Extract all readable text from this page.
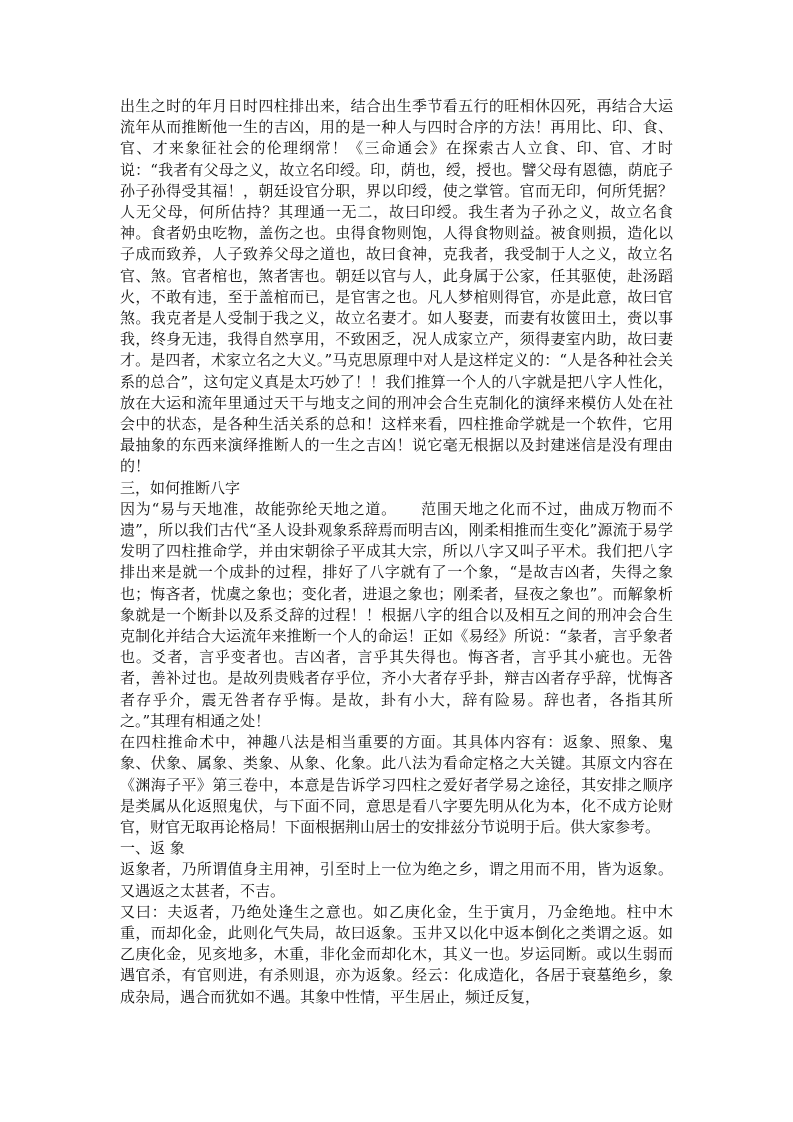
出生之时的年月日时四柱排出来，结合出生季节看五行的旺相休囚死，再结合大运流年从而推断他一生的吉凶，用的是一种人与四时合序的方法！再用比、印、食、官、才来象征社会的伦理纲常！《三命通会》在探索古人立食、印、官、才时说：“我者有父母之义，故立名印绶。印，荫也，绶，授也。譬父母有恩德，荫庇子孙子孙得受其福！，朝廷设官分职，界以印绶，使之掌管。官而无印，何所凭据？人无父母，何所估持？其理通一无二，故曰印绶。我生者为子孙之义，故立名食神。食者奶虫吃物，盖伤之也。虫得食物则饱，人得食物则益。被食则损，造化以子成而致养，人子致养父母之道也，故曰食神，克我者，我受制于人之义，故立名官、煞。官者棺也，煞者害也。朝廷以官与人，此身属于公家，任其驱使，赴汤蹈火，不敢有违，至于盖棺而已，是官害之也。凡人梦棺则得官，亦是此意，故曰官煞。我克者是人受制于我之义，故立名妻才。如人娶妻，而妻有妆篋田土，赍以事我，终身无违，我得自然享用，不致困乏，况人成家立产，须得妻室内助，故曰妻才。是四者，术家立名之大义。”马克思原理中对人是这样定义的：“人是各种社会关系的总合”，这句定义真是太巧妙了！！我们推算一个人的八字就是把八字人性化，放在大运和流年里通过天干与地支之间的刑冲会合生克制化的演绎来模仿人处在社会中的状态，是各种生活关系的总和！这样来看，四柱推命学就是一个软件，它用最抽象的东西来演绎推断人的一生之吉凶！说它毫无根据以及封建迷信是没有理由的！

三，如何推断八字

因为“易与天地准，故能弥纶天地之道。　　范围天地之化而不过，曲成万物而不遗”，所以我们古代“圣人设卦观象系辞焉而明吉凶，刚柔相推而生变化”源流于易学发明了四柱推命学，并由宋朝徐子平成其大宗，所以八字又叫子平术。我们把八字排出来是就一个成卦的过程，排好了八字就有了一个象，“是故吉凶者，失得之象也；悔吝者，忧虞之象也；变化者，进退之象也；刚柔者，昼夜之象也”。而解象析象就是一个断卦以及系爻辞的过程！！根据八字的组合以及相互之间的刑冲会合生克制化并结合大运流年来推断一个人的命运！正如《易经》所说：“彖者，言乎象者也。爻者，言乎变者也。吉凶者，言乎其失得也。悔吝者，言乎其小疵也。无咎者，善补过也。是故列贵贱者存乎位，齐小大者存乎卦，辩吉凶者存乎辞，忧悔吝者存乎介，震无咎者存乎悔。是故，卦有小大，辞有险易。辞也者，各指其所之。”其理有相通之处！

在四柱推命术中，神趣八法是相当重要的方面。其具体内容有：返象、照象、鬼象、伏象、属象、类象、从象、化象。此八法为看命定格之大关键。其原文内容在《渊海子平》第三卷中，本意是告诉学习四柱之爱好者学易之途径，其安排之顺序是类属从化返照鬼伏，与下面不同，意思是看八字要先明从化为本，化不成方论财官，财官无取再论格局！下面根据荆山居士的安排兹分节说明于后。供大家参考。

一、返 象

返象者，乃所谓值身主用神，引至时上一位为绝之乡，谓之用而不用，皆为返象。又遇返之太甚者，不吉。

又曰：夫返者，乃绝处逢生之意也。如乙庚化金，生于寅月，乃金绝地。柱中木重，而却化金，此则化气失局，故曰返象。玉井又以化中返本倒化之类谓之返。如乙庚化金，见亥地多，木重，非化金而却化木，其义一也。岁运同断。或以生弱而遇官杀，有官则进，有杀则退，亦为返象。经云：化成造化，各居于衰墓绝乡，象成杂局，遇合而犹如不遇。其象中性情，平生居止，频迁反复，
